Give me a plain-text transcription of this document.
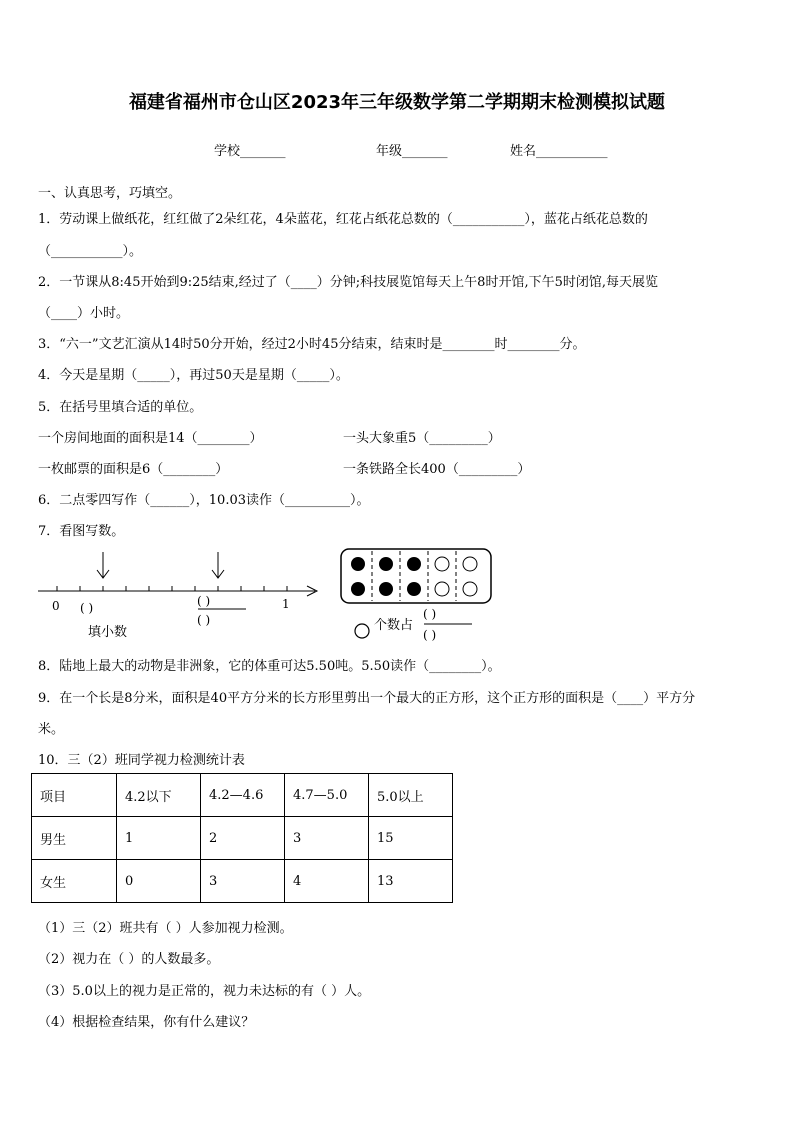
福建省福州市仓山区2023年三年级数学第二学期期末检测模拟试题
学校_______	年级_______	姓名___________
一、认真思考，巧填空。
1．劳动课上做纸花，红红做了2朵红花，4朵蓝花，红花占纸花总数的（___________），蓝花占纸花总数的
（___________）。
2．一节课从8:45开始到9:25结束,经过了（____）分钟;科技展览馆每天上午8时开馆,下午5时闭馆,每天展览
（____）小时。
3．“六一”文艺汇演从14时50分开始，经过2小时45分结束，结束时是________时________分。
4．今天是星期（_____），再过50天是星期（_____）。
5．在括号里填合适的单位。
一个房间地面的面积是14（________）	一头大象重5（_________）
一枚邮票的面积是6（________）	一条铁路全长400（_________）
6．二点零四写作（______），10.03读作（__________）。
7．看图写数。
0	1
( )
填小数
( )
( )	个数占
( )
( )
8．陆地上最大的动物是非洲象，它的体重可达5.50吨。5.50读作（________）。
9．在一个长是8分米，面积是40平方分米的长方形里剪出一个最大的正方形，这个正方形的面积是（____）平方分
米。
10．三（2）班同学视力检测统计表
项目	4.2以下	4.2—4.6	4.7—5.0	5.0以上
男生	1	2	3	15
女生	0	3	4	13
（1）三（2）班共有（ ）人参加视力检测。
（2）视力在（ ）的人数最多。
（3）5.0以上的视力是正常的，视力未达标的有（ ）人。
（4）根据检查结果，你有什么建议？
